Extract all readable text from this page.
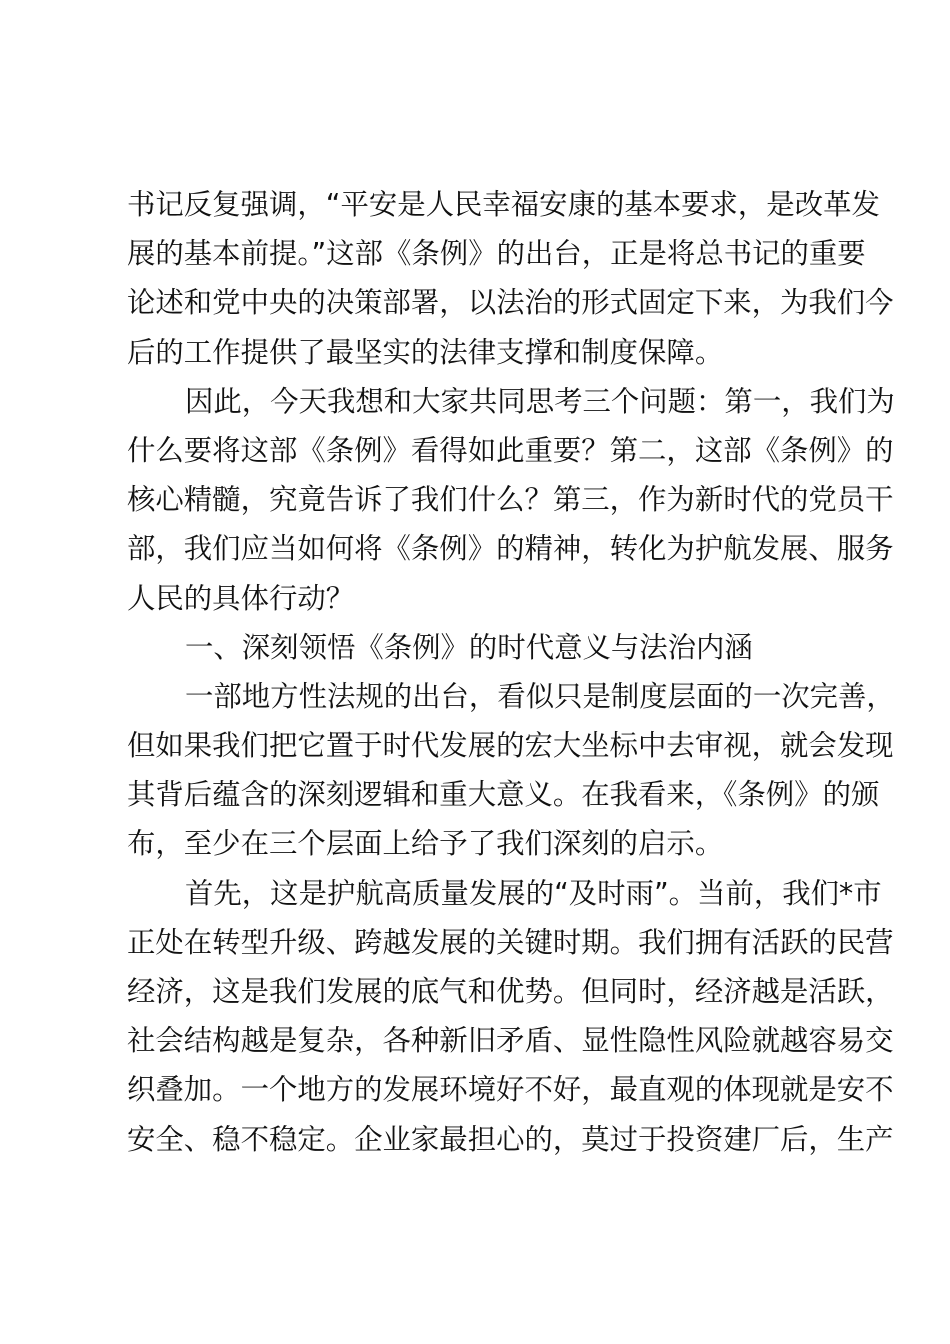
书记反复强调，“平安是人民幸福安康的基本要求，是改革发
展的基本前提。”这部《条例》的出台，正是将总书记的重要
论述和党中央的决策部署，以法治的形式固定下来，为我们今
后的工作提供了最坚实的法律支撑和制度保障。
因此，今天我想和大家共同思考三个问题：第一，我们为
什么要将这部《条例》看得如此重要？第二，这部《条例》的
核心精髓，究竟告诉了我们什么？第三，作为新时代的党员干
部，我们应当如何将《条例》的精神，转化为护航发展、服务
人民的具体行动？
一、深刻领悟《条例》的时代意义与法治内涵
一部地方性法规的出台，看似只是制度层面的一次完善，
但如果我们把它置于时代发展的宏大坐标中去审视，就会发现
其背后蕴含的深刻逻辑和重大意义。在我看来，《条例》的颁
布，至少在三个层面上给予了我们深刻的启示。
首先，这是护航高质量发展的“及时雨”。当前，我们*市
正处在转型升级、跨越发展的关键时期。我们拥有活跃的民营
经济，这是我们发展的底气和优势。但同时，经济越是活跃，
社会结构越是复杂，各种新旧矛盾、显性隐性风险就越容易交
织叠加。一个地方的发展环境好不好，最直观的体现就是安不
安全、稳不稳定。企业家最担心的，莫过于投资建厂后，生产
